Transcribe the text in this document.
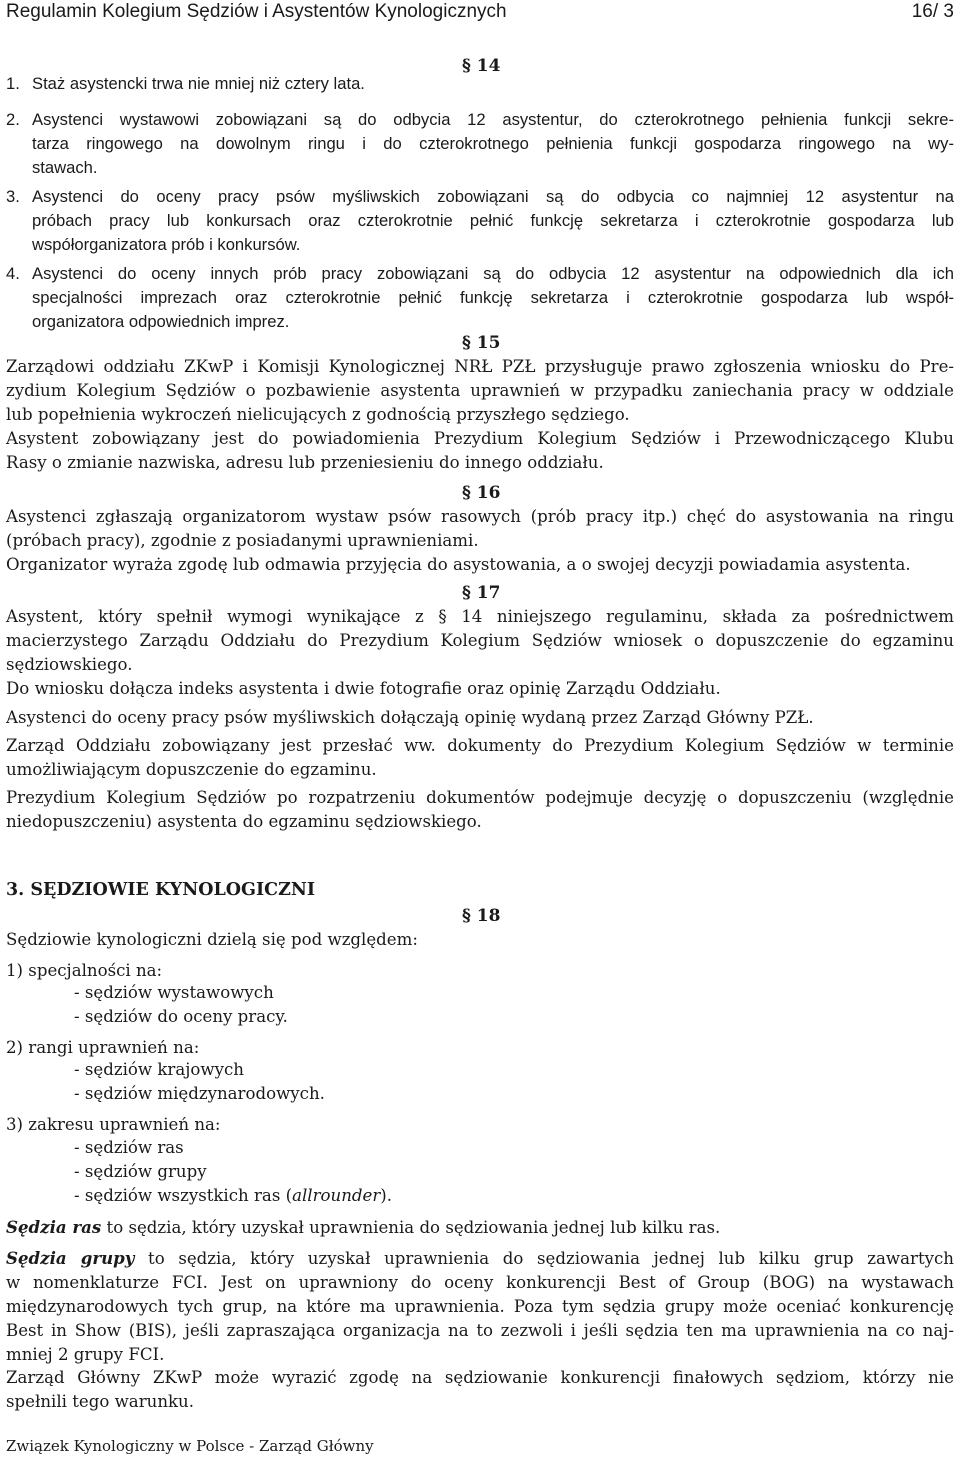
Regulamin Kolegium Sędziów i Asystentów Kynologicznych	16/ 3
§ 14
1. Staż asystencki trwa nie mniej niż cztery lata.
2. Asystenci wystawowi zobowiązani są do odbycia 12 asystentur, do czterokrotnego pełnienia funkcji sekre-
tarza ringowego na dowolnym ringu i do czterokrotnego pełnienia funkcji gospodarza ringowego na wy-
stawach.
3. Asystenci do oceny pracy psów myśliwskich zobowiązani są do odbycia co najmniej 12 asystentur na
próbach pracy lub konkursach oraz czterokrotnie pełnić funkcję sekretarza i czterokrotnie gospodarza lub
współorganizatora prób i konkursów.
4. Asystenci do oceny innych prób pracy zobowiązani są do odbycia 12 asystentur na odpowiednich dla ich
specjalności imprezach oraz czterokrotnie pełnić funkcję sekretarza i czterokrotnie gospodarza lub współ-
organizatora odpowiednich imprez.
§ 15
Zarządowi oddziału ZKwP i Komisji Kynologicznej NRŁ PZŁ przysługuje prawo zgłoszenia wniosku do Pre-
zydium Kolegium Sędziów o pozbawienie asystenta uprawnień w przypadku zaniechania pracy w oddziale
lub popełnienia wykroczeń nielicujących z godnością przyszłego sędziego.
Asystent zobowiązany jest do powiadomienia Prezydium Kolegium Sędziów i Przewodniczącego Klubu
Rasy o zmianie nazwiska, adresu lub przeniesieniu do innego oddziału.
§ 16
Asystenci zgłaszają organizatorom wystaw psów rasowych (prób pracy itp.) chęć do asystowania na ringu
(próbach pracy), zgodnie z posiadanymi uprawnieniami.
Organizator wyraża zgodę lub odmawia przyjęcia do asystowania, a o swojej decyzji powiadamia asystenta.
§ 17
Asystent, który spełnił wymogi wynikające z § 14 niniejszego regulaminu, składa za pośrednictwem
macierzystego Zarządu Oddziału do Prezydium Kolegium Sędziów wniosek o dopuszczenie do egzaminu
sędziowskiego.
Do wniosku dołącza indeks asystenta i dwie fotografie oraz opinię Zarządu Oddziału.
Asystenci do oceny pracy psów myśliwskich dołączają opinię wydaną przez Zarząd Główny PZŁ.
Zarząd Oddziału zobowiązany jest przesłać ww. dokumenty do Prezydium Kolegium Sędziów w terminie
umożliwiającym dopuszczenie do egzaminu.
Prezydium Kolegium Sędziów po rozpatrzeniu dokumentów podejmuje decyzję o dopuszczeniu (względnie
niedopuszczeniu) asystenta do egzaminu sędziowskiego.
3. SĘDZIOWIE KYNOLOGICZNI
§ 18
Sędziowie kynologiczni dzielą się pod względem:
1) specjalności na:
- sędziów wystawowych
- sędziów do oceny pracy.
2) rangi uprawnień na:
- sędziów krajowych
- sędziów międzynarodowych.
3) zakresu uprawnień na:
- sędziów ras
- sędziów grupy
- sędziów wszystkich ras (allrounder).
Sędzia ras to sędzia, który uzyskał uprawnienia do sędziowania jednej lub kilku ras.
Sędzia grupy to sędzia, który uzyskał uprawnienia do sędziowania jednej lub kilku grup zawartych
w nomenklaturze FCI. Jest on uprawniony do oceny konkurencji Best of Group (BOG) na wystawach
międzynarodowych tych grup, na które ma uprawnienia. Poza tym sędzia grupy może oceniać konkurencję
Best in Show (BIS), jeśli zapraszająca organizacja na to zezwoli i jeśli sędzia ten ma uprawnienia na co naj-
mniej 2 grupy FCI.
Zarząd Główny ZKwP może wyrazić zgodę na sędziowanie konkurencji finałowych sędziom, którzy nie
spełnili tego warunku.
Związek Kynologiczny w Polsce - Zarząd Główny
